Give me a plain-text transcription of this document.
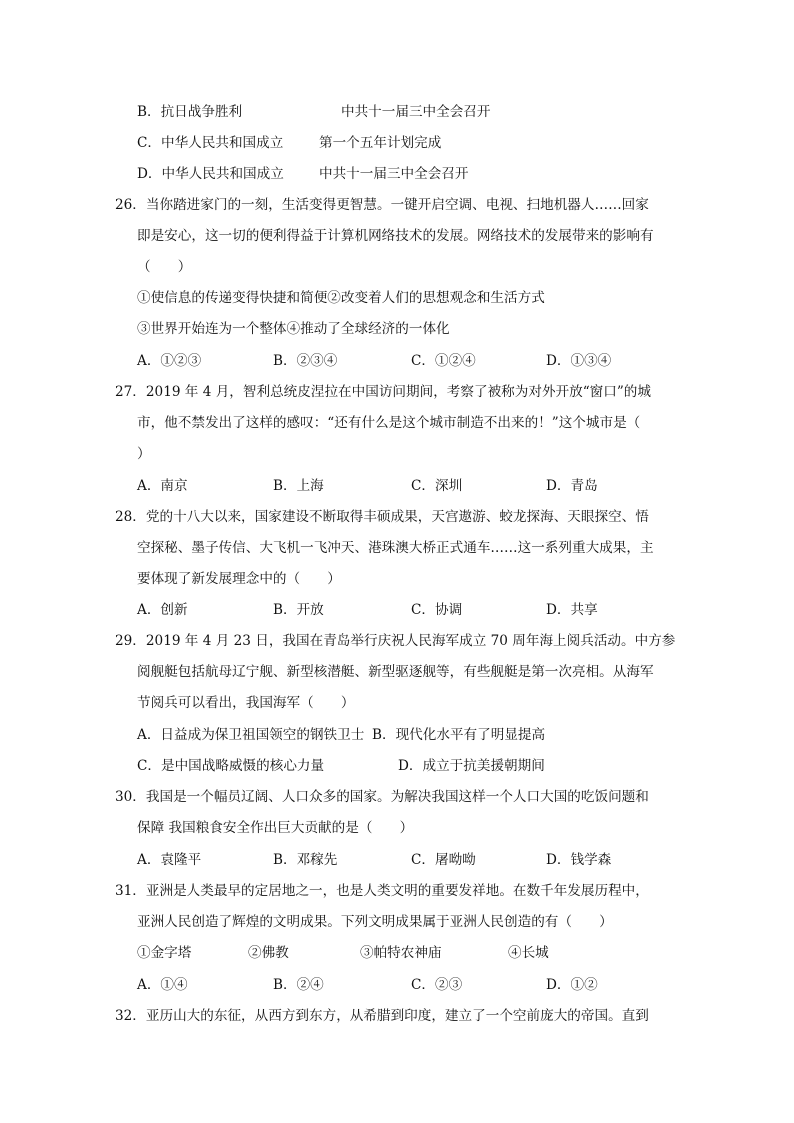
B．抗日战争胜利	中共十一届三中全会召开
C．中华人民共和国成立	第一个五年计划完成
D．中华人民共和国成立	中共十一届三中全会召开
26．当你踏进家门的一刻，生活变得更智慧。一键开启空调、电视、扫地机器人……回家
即是安心，这一切的便利得益于计算机网络技术的发展。网络技术的发展带来的影响有
（　　）
①使信息的传递变得快捷和简便②改变着人们的思想观念和生活方式
③世界开始连为一个整体④推动了全球经济的一体化
A．①②③	B．②③④	C．①②④	D．①③④
27．2019 年 4 月，智利总统皮涅拉在中国访问期间，考察了被称为对外开放“窗口”的城
市，他不禁发出了这样的感叹：“还有什么是这个城市制造不出来的！”这个城市是（
）
A．南京	B．上海	C．深圳	D．青岛
28．党的十八大以来，国家建设不断取得丰硕成果，天宫遨游、蛟龙探海、天眼探空、悟
空探秘、墨子传信、大飞机一飞冲天、港珠澳大桥正式通车……这一系列重大成果，主
要体现了新发展理念中的（　　）
A．创新	B．开放	C．协调	D．共享
29．2019 年 4 月 23 日，我国在青岛举行庆祝人民海军成立 70 周年海上阅兵活动。中方参
阅舰艇包括航母辽宁舰、新型核潜艇、新型驱逐舰等，有些舰艇是第一次亮相。从海军
节阅兵可以看出，我国海军（　　）
A．日益成为保卫祖国领空的钢铁卫士 B．现代化水平有了明显提高
C．是中国战略威慑的核心力量	D．成立于抗美援朝期间
30．我国是一个幅员辽阔、人口众多的国家。为解决我国这样一个人口大国的吃饭问题和
保障 我国粮食安全作出巨大贡献的是（　　）
A．袁隆平	B．邓稼先	C．屠呦呦	D．钱学森
31．亚洲是人类最早的定居地之一，也是人类文明的重要发祥地。在数千年发展历程中，
亚洲人民创造了辉煌的文明成果。下列文明成果属于亚洲人民创造的有（　　）
①金字塔	②佛教	③帕特农神庙	④长城
A．①④	B．②④	C．②③	D．①②
32．亚历山大的东征，从西方到东方，从希腊到印度，建立了一个空前庞大的帝国。直到
